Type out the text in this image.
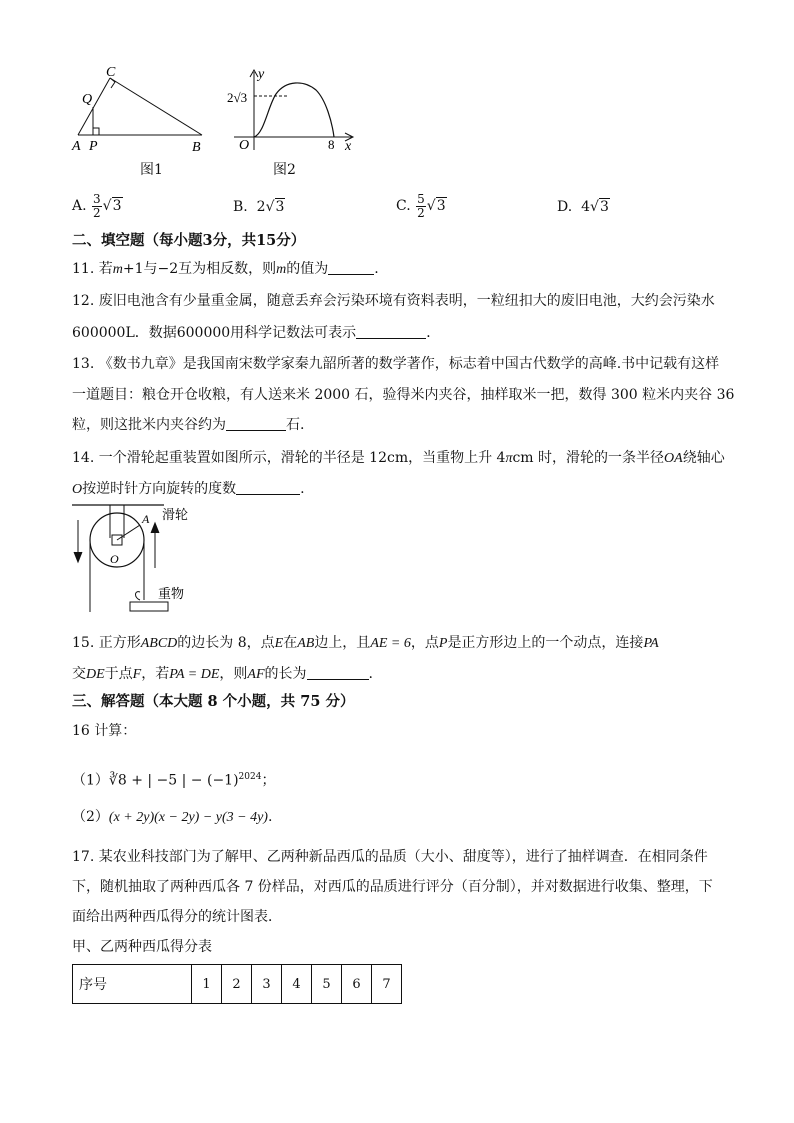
C
Q
A P	B
图1
y
2√3
O	8 x
图2
A.
$\frac{3}{2} √3$	B. 2√3	C.
$\frac{5}{2} √3$	D. 4√3
二、填空题（每小题3分，共15分）
11. 若m+1与−2互为相反数，则m的值为	.
12. 废旧电池含有少量重金属，随意丢弃会污染环境有资料表明，一粒纽扣大的废旧电池，大约会污染水
600000L．数据600000用科学记数法可表示	．
13. 《数书九章》是我国南宋数学家秦九韶所著的数学著作，标志着中国古代数学的高峰.书中记载有这样
一道题目：粮仓开仓收粮，有人送来米 2000 石，验得米内夹谷，抽样取米一把，数得 300 粒米内夹谷 36
粒，则这批米内夹谷约为	石.
14. 一个滑轮起重装置如图所示，滑轮的半径是 12cm，当重物上升 4πcm 时，滑轮的一条半径OA绕轴心
O按逆时针方向旋转的度数	.
A
O
滑轮
重物
15. 正方形ABCD的边长为 8，点E在AB边上，且AE = 6，点P是正方形边上的一个动点，连接PA
交DE于点F，若PA = DE，则AF的长为	.
三、解答题（本大题 8 个小题，共 75 分）
16 计算：
（1）∛8 + | −5 | − $(-1)^{2024}$；
（2）(x + 2y)(x − 2y) − y(3 − 4y).
17. 某农业科技部门为了解甲、乙两种新品西瓜的品质（大小、甜度等），进行了抽样调查．在相同条件
下，随机抽取了两种西瓜各 7 份样品，对西瓜的品质进行评分（百分制），并对数据进行收集、整理，下
面给出两种西瓜得分的统计图表．
甲、乙两种西瓜得分表
序号	1	2	3	4	5	6	7
